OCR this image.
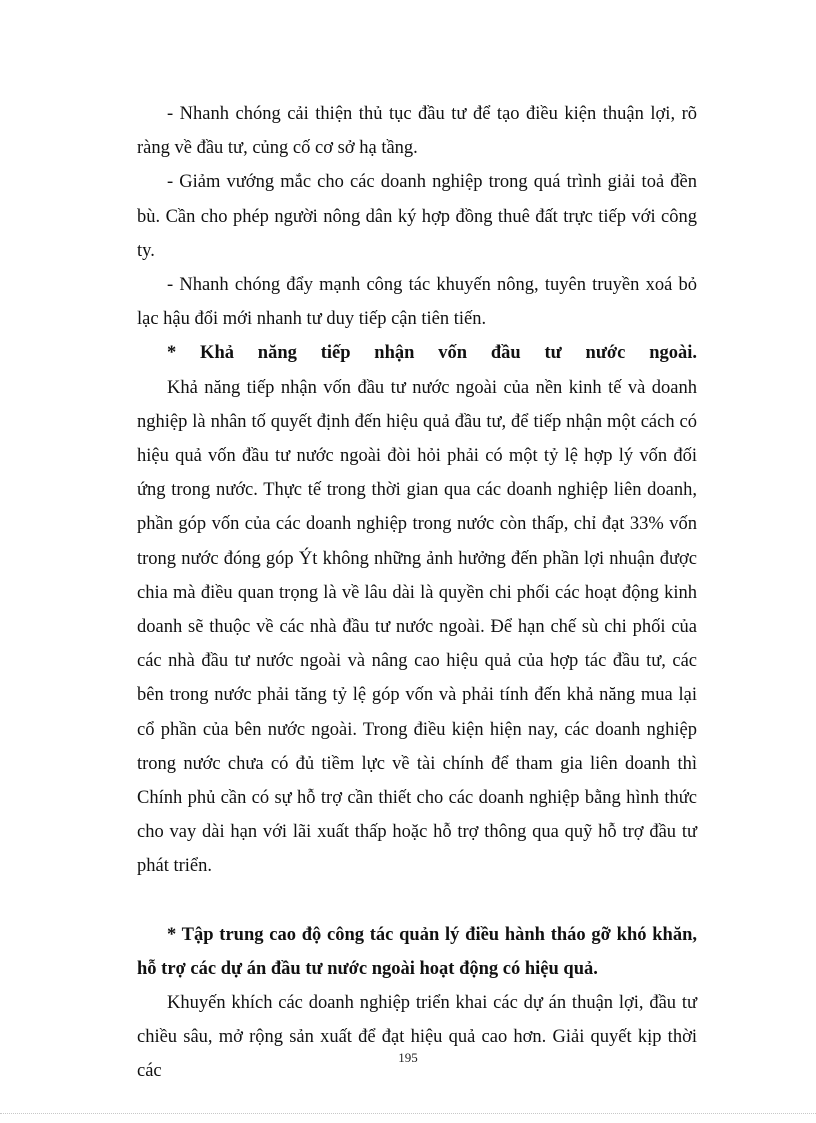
- Nhanh chóng cải thiện thủ tục đầu tư để tạo điều kiện thuận lợi, rõ ràng về đầu tư, củng cố cơ sở hạ tầng.

- Giảm vướng mắc cho các doanh nghiệp trong quá trình giải toả đền bù. Cần cho phép người nông dân ký hợp đồng thuê đất trực tiếp với công ty.

- Nhanh chóng đẩy mạnh công tác khuyến nông, tuyên truyền xoá bỏ lạc hậu đổi mới nhanh tư duy tiếp cận tiên tiến.

* Khả năng tiếp nhận vốn đầu tư nước ngoài.

Khả năng tiếp nhận vốn đầu tư nước ngoài của nền kinh tế và doanh nghiệp là nhân tố quyết định đến hiệu quả đầu tư, để tiếp nhận một cách có hiệu quả vốn đầu tư nước ngoài đòi hỏi phải có một tỷ lệ hợp lý vốn đối ứng trong nước. Thực tế trong thời gian qua các doanh nghiệp liên doanh, phần góp vốn của các doanh nghiệp trong nước còn thấp, chỉ đạt 33% vốn trong nước đóng góp Ýt không những ảnh hưởng đến phần lợi nhuận được chia mà điều quan trọng là về lâu dài là quyền chi phối các hoạt động kinh doanh sẽ thuộc về các nhà đầu tư nước ngoài. Để hạn chế sù chi phối của các nhà đầu tư nước ngoài và nâng cao hiệu quả của hợp tác đầu tư, các bên trong nước phải tăng tỷ lệ góp vốn và phải tính đến khả năng mua lại cổ phần của bên nước ngoài. Trong điều kiện hiện nay, các doanh nghiệp trong nước chưa có đủ tiềm lực về tài chính để tham gia liên doanh thì Chính phủ cần có sự hỗ trợ cần thiết cho các doanh nghiệp bằng hình thức cho vay dài hạn với lãi xuất thấp hoặc hỗ trợ thông qua quỹ hỗ trợ đầu tư phát triển.

* Tập trung cao độ công tác quản lý điều hành tháo gỡ khó khăn, hỗ trợ các dự án đầu tư nước ngoài hoạt động có hiệu quả.

Khuyến khích các doanh nghiệp triển khai các dự án thuận lợi, đầu tư chiều sâu, mở rộng sản xuất để đạt hiệu quả cao hơn. Giải quyết kịp thời các

195
